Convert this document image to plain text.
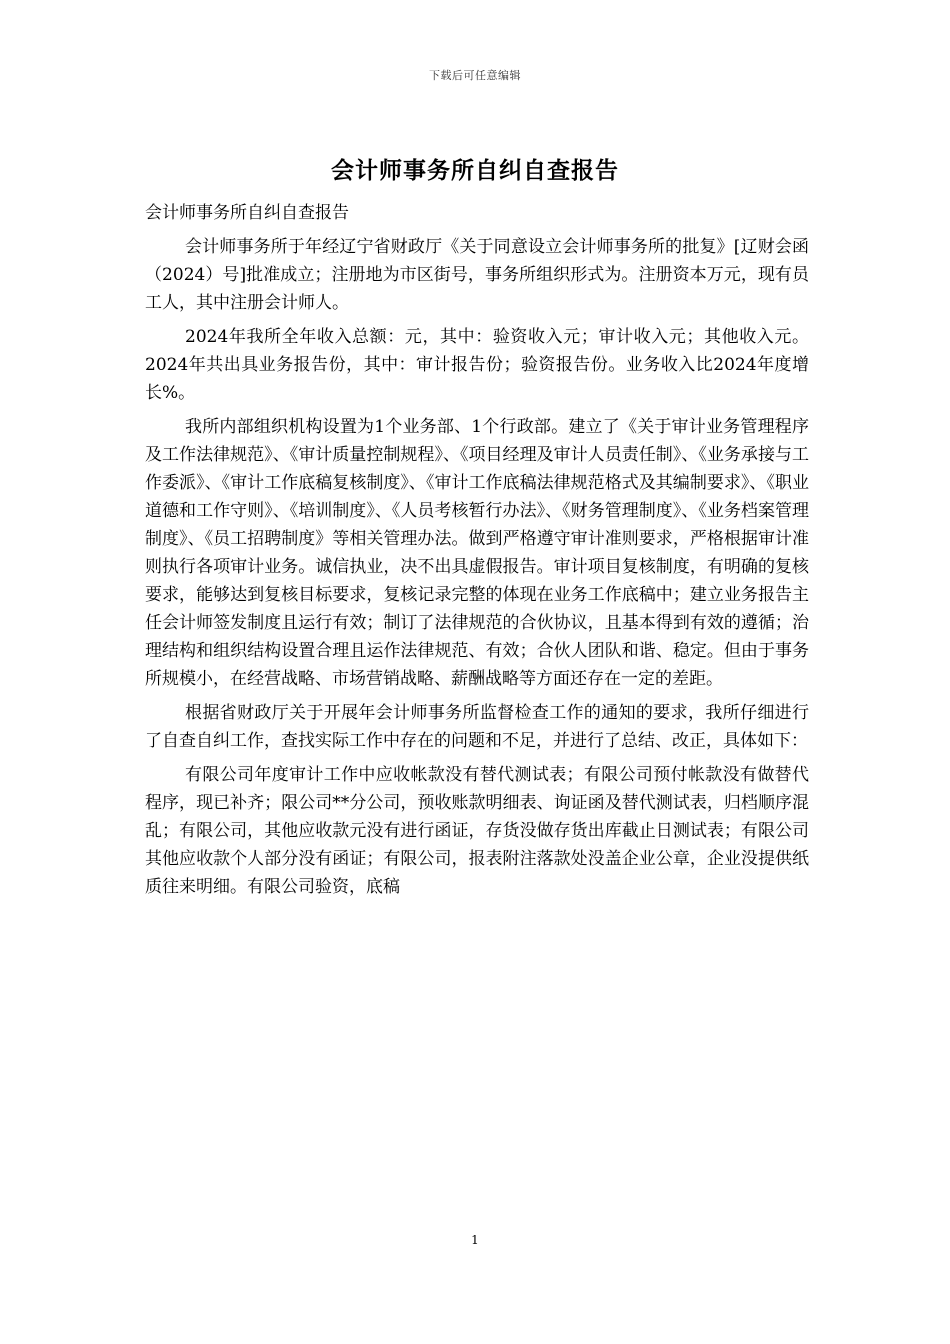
下载后可任意编辑
会计师事务所自纠自查报告

会计师事务所自纠自查报告

会计师事务所于年经辽宁省财政厅《关于同意设立会计师事务所的批复》[辽财会函（2024）号]批准成立；注册地为市区街号，事务所组织形式为。注册资本万元，现有员工人，其中注册会计师人。

2024年我所全年收入总额：元，其中：验资收入元；审计收入元；其他收入元。2024年共出具业务报告份，其中：审计报告份；验资报告份。业务收入比2024年度增长%。

我所内部组织机构设置为1个业务部、1个行政部。建立了《关于审计业务管理程序及工作法律规范》、《审计质量控制规程》、《项目经理及审计人员责任制》、《业务承接与工作委派》、《审计工作底稿复核制度》、《审计工作底稿法律规范格式及其编制要求》、《职业道德和工作守则》、《培训制度》、《人员考核暂行办法》、《财务管理制度》、《业务档案管理制度》、《员工招聘制度》等相关管理办法。做到严格遵守审计准则要求，严格根据审计准则执行各项审计业务。诚信执业，决不出具虚假报告。审计项目复核制度，有明确的复核要求，能够达到复核目标要求，复核记录完整的体现在业务工作底稿中；建立业务报告主任会计师签发制度且运行有效；制订了法律规范的合伙协议，且基本得到有效的遵循；治理结构和组织结构设置合理且运作法律规范、有效；合伙人团队和谐、稳定。但由于事务所规模小，在经营战略、市场营销战略、薪酬战略等方面还存在一定的差距。

根据省财政厅关于开展年会计师事务所监督检查工作的通知的要求，我所仔细进行了自查自纠工作，查找实际工作中存在的问题和不足，并进行了总结、改正，具体如下：

有限公司年度审计工作中应收帐款没有替代测试表；有限公司预付帐款没有做替代程序，现已补齐；限公司**分公司，预收账款明细表、询证函及替代测试表，归档顺序混乱；有限公司，其他应收款元没有进行函证，存货没做存货出库截止日测试表；有限公司其他应收款个人部分没有函证；有限公司，报表附注落款处没盖企业公章，企业没提供纸质往来明细。有限公司验资，底稿

1
